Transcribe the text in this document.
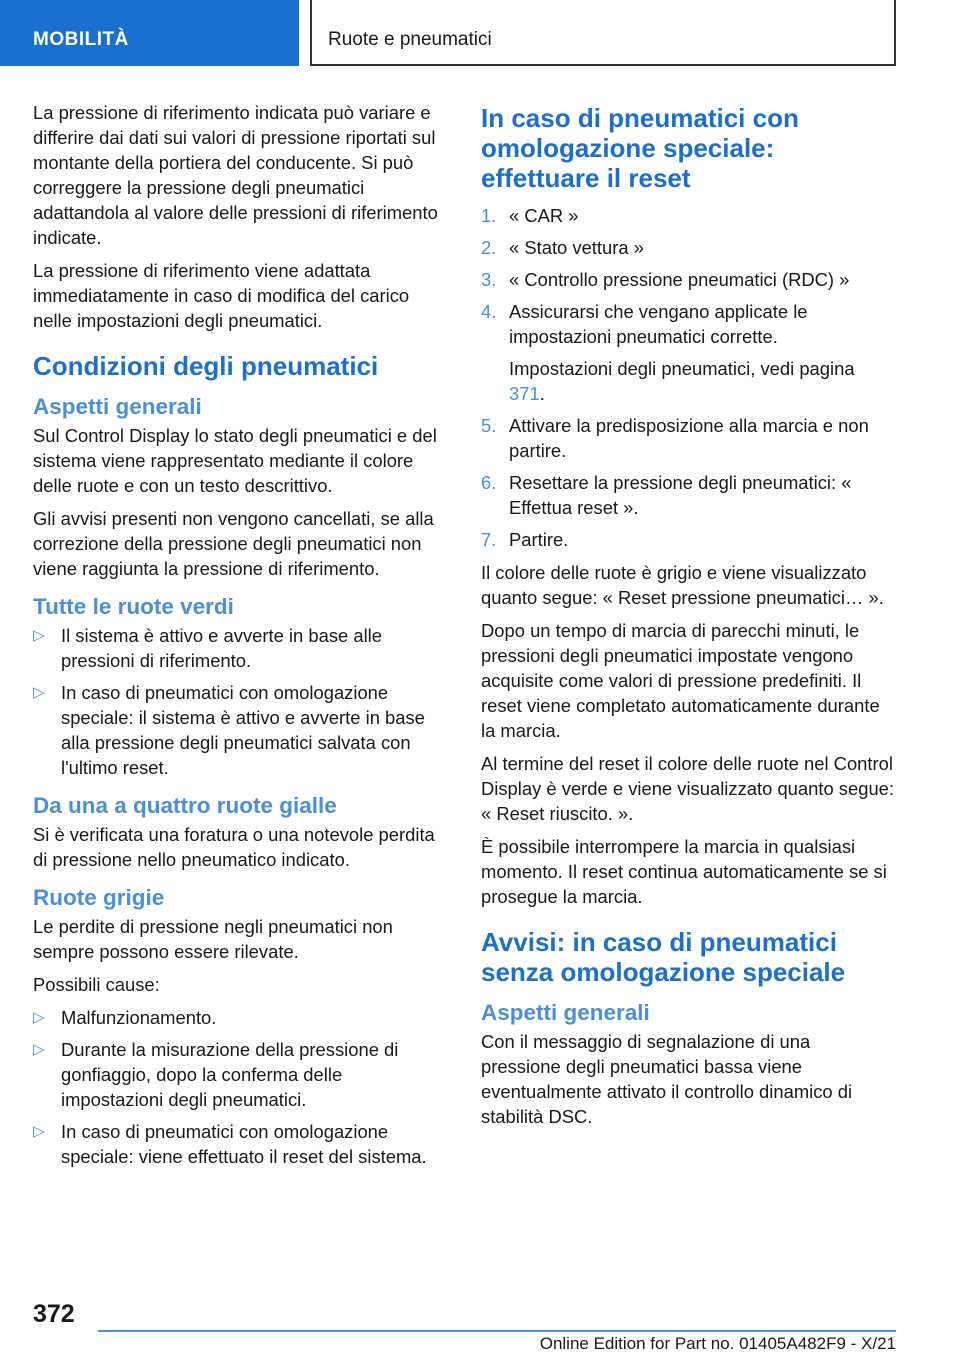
MOBILITÀ	Ruote e pneumatici

La pressione di riferimento indicata può variare e differire dai dati sui valori di pressione riportati sul montante della portiera del conducente. Si può correggere la pressione degli pneumatici adattandola al valore delle pressioni di riferimento indicate.

La pressione di riferimento viene adattata immediatamente in caso di modifica del carico nelle impostazioni degli pneumatici.

Condizioni degli pneumatici
Aspetti generali

Sul Control Display lo stato degli pneumatici e del sistema viene rappresentato mediante il colore delle ruote e con un testo descrittivo.

Gli avvisi presenti non vengono cancellati, se alla correzione della pressione degli pneumatici non viene raggiunta la pressione di riferimento.

Tutte le ruote verdi
▷ Il sistema è attivo e avverte in base alle pressioni di riferimento.
▷ In caso di pneumatici con omologazione speciale: il sistema è attivo e avverte in base alla pressione degli pneumatici salvata con l'ultimo reset.
Da una a quattro ruote gialle

Si è verificata una foratura o una notevole perdita di pressione nello pneumatico indicato.

Ruote grigie

Le perdite di pressione negli pneumatici non sempre possono essere rilevate.

Possibili cause:

▷ Malfunzionamento.
▷ Durante la misurazione della pressione di gonfiaggio, dopo la conferma delle impostazioni degli pneumatici.
▷ In caso di pneumatici con omologazione speciale: viene effettuato il reset del sistema.
In caso di pneumatici con omologazione speciale: effettuare il reset
1. « CAR »
2. « Stato vettura »
3. « Controllo pressione pneumatici (RDC) »
4. Assicurarsi che vengano applicate le impostazioni pneumatici corrette.
Impostazioni degli pneumatici, vedi pagina 371.
5. Attivare la predisposizione alla marcia e non partire.
6. Resettare la pressione degli pneumatici: « Effettua reset ».
7. Partire.

Il colore delle ruote è grigio e viene visualizzato quanto segue: « Reset pressione pneumatici… ».

Dopo un tempo di marcia di parecchi minuti, le pressioni degli pneumatici impostate vengono acquisite come valori di pressione predefiniti. Il reset viene completato automaticamente durante la marcia.

Al termine del reset il colore delle ruote nel Control Display è verde e viene visualizzato quanto segue: « Reset riuscito. ».

È possibile interrompere la marcia in qualsiasi momento. Il reset continua automaticamente se si prosegue la marcia.

Avvisi: in caso di pneumatici senza omologazione speciale
Aspetti generali

Con il messaggio di segnalazione di una pressione degli pneumatici bassa viene eventualmente attivato il controllo dinamico di stabilità DSC.

372
Online Edition for Part no. 01405A482F9 - X/21
